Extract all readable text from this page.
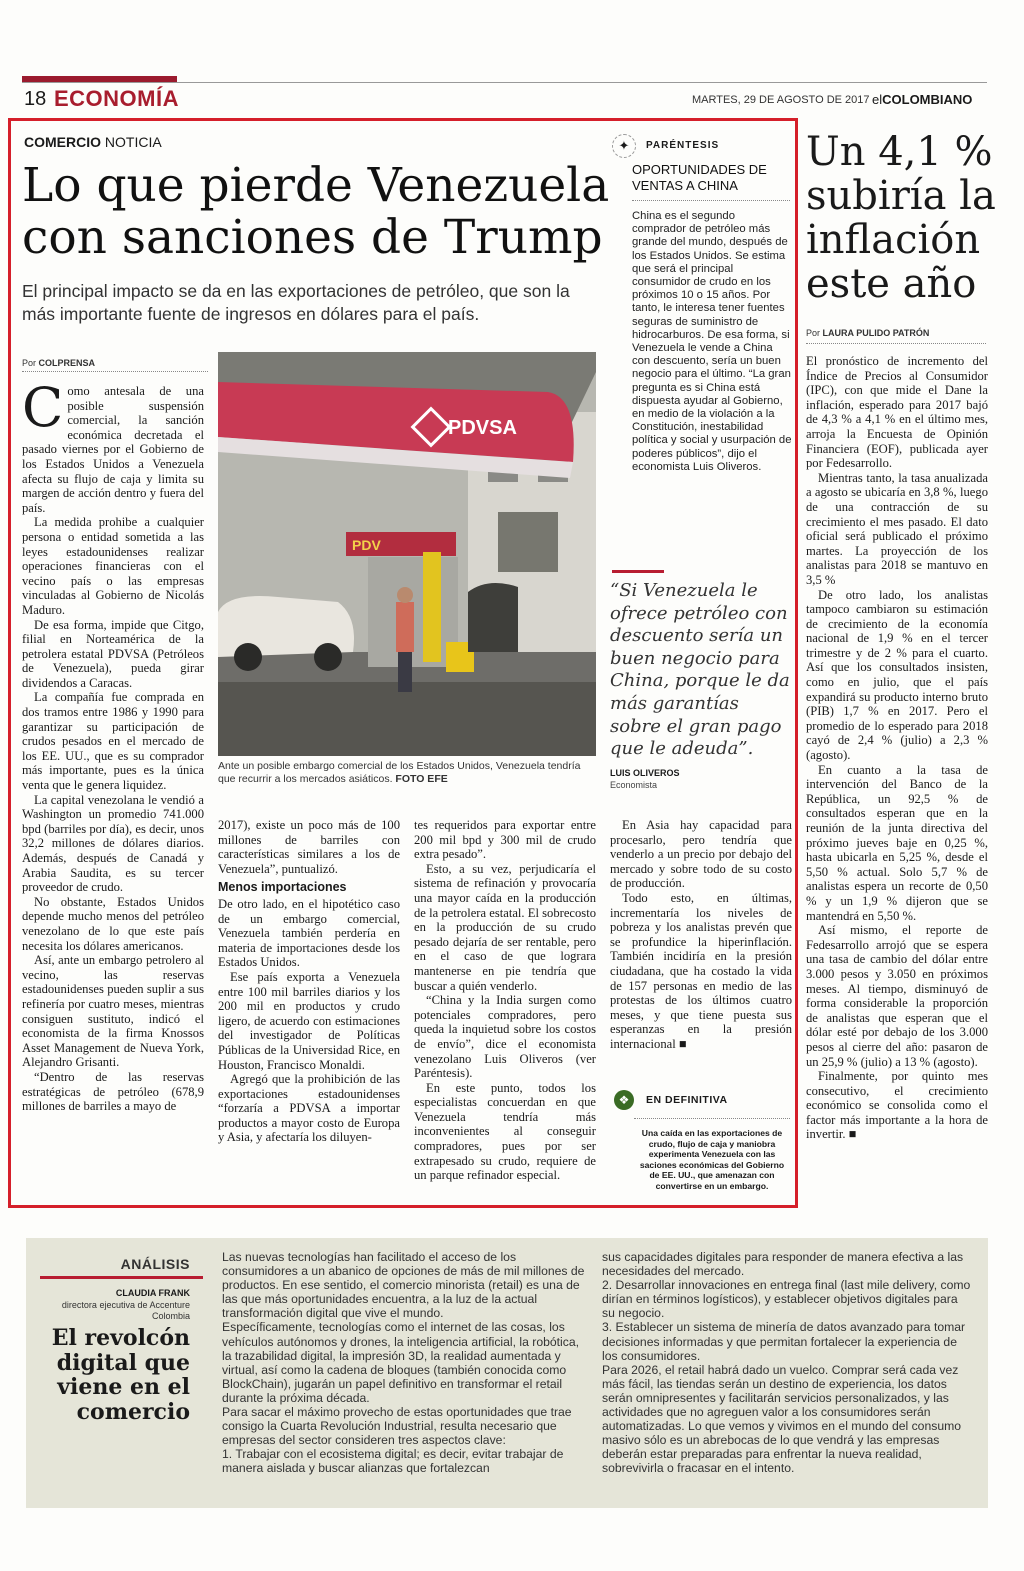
18 ECONOMÍA	MARTES, 29 DE AGOSTO DE 2017 elCOLOMBIANO
COMERCIO NOTICIA
Lo que pierde Venezuela con sanciones de Trump
El principal impacto se da en las exportaciones de petróleo, que son la más importante fuente de ingresos en dólares para el país.
Por COLPRENSA

Como antesala de una posible suspensión comercial, la sanción económica decretada el pasado viernes por el Gobierno de los Estados Unidos a Venezuela afecta su flujo de caja y limita su margen de acción dentro y fuera del país.

La medida prohibe a cualquier persona o entidad sometida a las leyes estadounidenses realizar operaciones financieras con el vecino país o las empresas vinculadas al Gobierno de Nicolás Maduro.

De esa forma, impide que Citgo, filial en Norteamérica de la petrolera estatal PDVSA (Petróleos de Venezuela), pueda girar dividendos a Caracas.

La compañía fue comprada en dos tramos entre 1986 y 1990 para garantizar su participación de crudos pesados en el mercado de los EE. UU., que es su comprador más importante, pues es la única venta que le genera liquidez.

La capital venezolana le vendió a Washington un promedio 741.000 bpd (barriles por día), es decir, unos 32,2 millones de dólares diarios. Además, después de Canadá y Arabia Saudita, es su tercer proveedor de crudo.

No obstante, Estados Unidos depende mucho menos del petróleo venezolano de lo que este país necesita los dólares americanos.

Así, ante un embargo petrolero al vecino, las reservas estadounidenses pueden suplir a sus refinería por cuatro meses, mientras consiguen sustituto, indicó el economista de la firma Knossos Asset Management de Nueva York, Alejandro Grisanti.

“Dentro de las reservas estratégicas de petróleo (678,9 millones de barriles a mayo de

PDVSA
PDV
Ante un posible embargo comercial de los Estados Unidos, Venezuela tendría que recurrir a los mercados asiáticos. FOTO EFE

2017), existe un poco más de 100 millones de barriles con características similares a los de Venezuela”, puntualizó.

Menos importaciones

De otro lado, en el hipotético caso de un embargo comercial, Venezuela también perdería en materia de importaciones desde los Estados Unidos.

Ese país exporta a Venezuela entre 100 mil barriles diarios y los 200 mil en productos y crudo ligero, de acuerdo con estimaciones del investigador de Políticas Públicas de la Universidad Rice, en Houston, Francisco Monaldi.

Agregó que la prohibición de las exportaciones estadounidenses “forzaría a PDVSA a importar productos a mayor costo de Europa y Asia, y afectaría los diluyen-

tes requeridos para exportar entre 200 mil bpd y 300 mil de crudo extra pesado”.

Esto, a su vez, perjudicaría el sistema de refinación y provocaría una mayor caída en la producción de la petrolera estatal. El sobrecosto en la producción de su crudo pesado dejaría de ser rentable, pero en el caso de que lograra mantenerse en pie tendría que buscar a quién venderlo.

“China y la India surgen como potenciales compradores, pero queda la inquietud sobre los costos de envío”, dice el economista venezolano Luis Oliveros (ver Paréntesis).

En este punto, todos los especialistas concuerdan en que Venezuela tendría más inconvenientes al conseguir compradores, pues por ser extrapesado su crudo, requiere de un parque refinador especial.

En Asia hay capacidad para procesarlo, pero tendría que venderlo a un precio por debajo del mercado y sobre todo de su costo de producción.

Todo esto, en últimas, incrementaría los niveles de pobreza y los analistas prevén que se profundice la hiperinflación. También incidiría en la presión ciudadana, que ha costado la vida de 157 personas en medio de las protestas de los últimos cuatro meses, y que tiene puesta sus esperanzas en la presión internacional ■

✦	PARÉNTESIS
OPORTUNIDADES DE VENTAS A CHINA
China es el segundo comprador de petróleo más grande del mundo, después de los Estados Unidos. Se estima que será el principal consumidor de crudo en los próximos 10 o 15 años. Por tanto, le interesa tener fuentes seguras de suministro de hidrocarburos. De esa forma, si Venezuela le vende a China con descuento, sería un buen negocio para el último. “La gran pregunta es si China está dispuesta ayudar al Gobierno, en medio de la violación a la Constitución, inestabilidad política y social y usurpación de poderes públicos”, dijo el economista Luis Oliveros.
“Si Venezuela le ofrece petróleo con descuento sería un buen negocio para China, porque le da más garantías sobre el gran pago que le adeuda”.
LUIS OLIVEROS
Economista
❖	EN DEFINITIVA
Una caída en las exportaciones de crudo, flujo de caja y maniobra experimenta Venezuela con las saciones económicas del Gobierno de EE. UU., que amenazan con convertirse en un embargo.
Un 4,1 % subiría la inflación este año
Por LAURA PULIDO PATRÓN

El pronóstico de incremento del Índice de Precios al Consumidor (IPC), con que mide el Dane la inflación, esperado para 2017 bajó de 4,3 % a 4,1 % en el último mes, arroja la Encuesta de Opinión Financiera (EOF), publicada ayer por Fedesarrollo.

Mientras tanto, la tasa anualizada a agosto se ubicaría en 3,8 %, luego de una contracción de su crecimiento el mes pasado. El dato oficial será publicado el próximo martes. La proyección de los analistas para 2018 se mantuvo en 3,5 %

De otro lado, los analistas tampoco cambiaron su estimación de crecimiento de la economía nacional de 1,9 % en el tercer trimestre y de 2 % para el cuarto. Así que los consultados insisten, como en julio, que el país expandirá su producto interno bruto (PIB) 1,7 % en 2017. Pero el promedio de lo esperado para 2018 cayó de 2,4 % (julio) a 2,3 % (agosto).

En cuanto a la tasa de intervención del Banco de la República, un 92,5 % de consultados esperan que en la reunión de la junta directiva del próximo jueves baje en 0,25 %, hasta ubicarla en 5,25 %, desde el 5,50 % actual. Solo 5,7 % de analistas espera un recorte de 0,50 % y un 1,9 % dijeron que se mantendrá en 5,50 %.

Así mismo, el reporte de Fedesarrollo arrojó que se espera una tasa de cambio del dólar entre 3.000 pesos y 3.050 en próximos meses. Al tiempo, disminuyó de forma considerable la proporción de analistas que esperan que el dólar esté por debajo de los 3.000 pesos al cierre del año: pasaron de un 25,9 % (julio) a 13 % (agosto).

Finalmente, por quinto mes consecutivo, el crecimiento económico se consolida como el factor más importante a la hora de invertir. ■

ANÁLISIS
CLAUDIA FRANK
directora ejecutiva de Accenture Colombia
El revolcón digital que viene en el comercio

Las nuevas tecnologías han facilitado el acceso de los consumidores a un abanico de opciones de más de mil millones de productos. En ese sentido, el comercio minorista (retail) es una de las que más oportunidades encuentra, a la luz de la actual transformación digital que vive el mundo.

Específicamente, tecnologías como el internet de las cosas, los vehículos autónomos y drones, la inteligencia artificial, la robótica, la trazabilidad digital, la impresión 3D, la realidad aumentada y virtual, así como la cadena de bloques (también conocida como BlockChain), jugarán un papel definitivo en transformar el retail durante la próxima década.

Para sacar el máximo provecho de estas oportunidades que trae consigo la Cuarta Revolución Industrial, resulta necesario que empresas del sector consideren tres aspectos clave:

1. Trabajar con el ecosistema digital; es decir, evitar trabajar de manera aislada y buscar alianzas que fortalezcan

sus capacidades digitales para responder de manera efectiva a las necesidades del mercado.

2. Desarrollar innovaciones en entrega final (last mile delivery, como dirían en términos logísticos), y establecer objetivos digitales para su negocio.

3. Establecer un sistema de minería de datos avanzado para tomar decisiones informadas y que permitan fortalecer la experiencia de los consumidores.

Para 2026, el retail habrá dado un vuelco. Comprar será cada vez más fácil, las tiendas serán un destino de experiencia, los datos serán omnipresentes y facilitarán servicios personalizados, y las actividades que no agreguen valor a los consumidores serán automatizadas. Lo que vemos y vivimos en el mundo del consumo masivo sólo es un abrebocas de lo que vendrá y las empresas deberán estar preparadas para enfrentar la nueva realidad, sobrevivirla o fracasar en el intento.
